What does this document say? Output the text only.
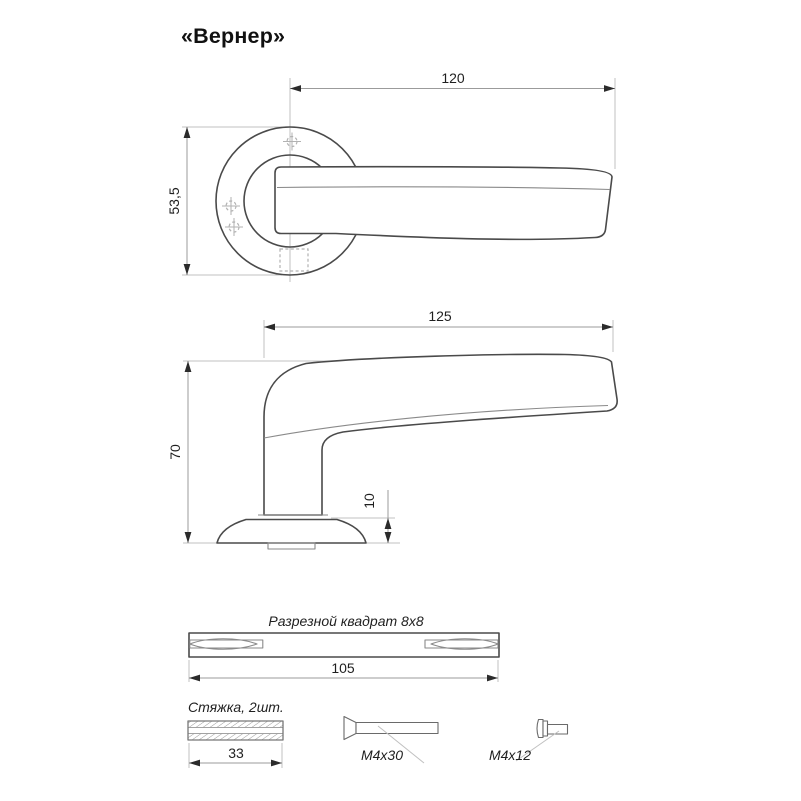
«Вернер»
120
53,5
125
70
10
Разрезной квадрат 8х8
105
Стяжка, 2шт.
33	М4х30	М4х12
